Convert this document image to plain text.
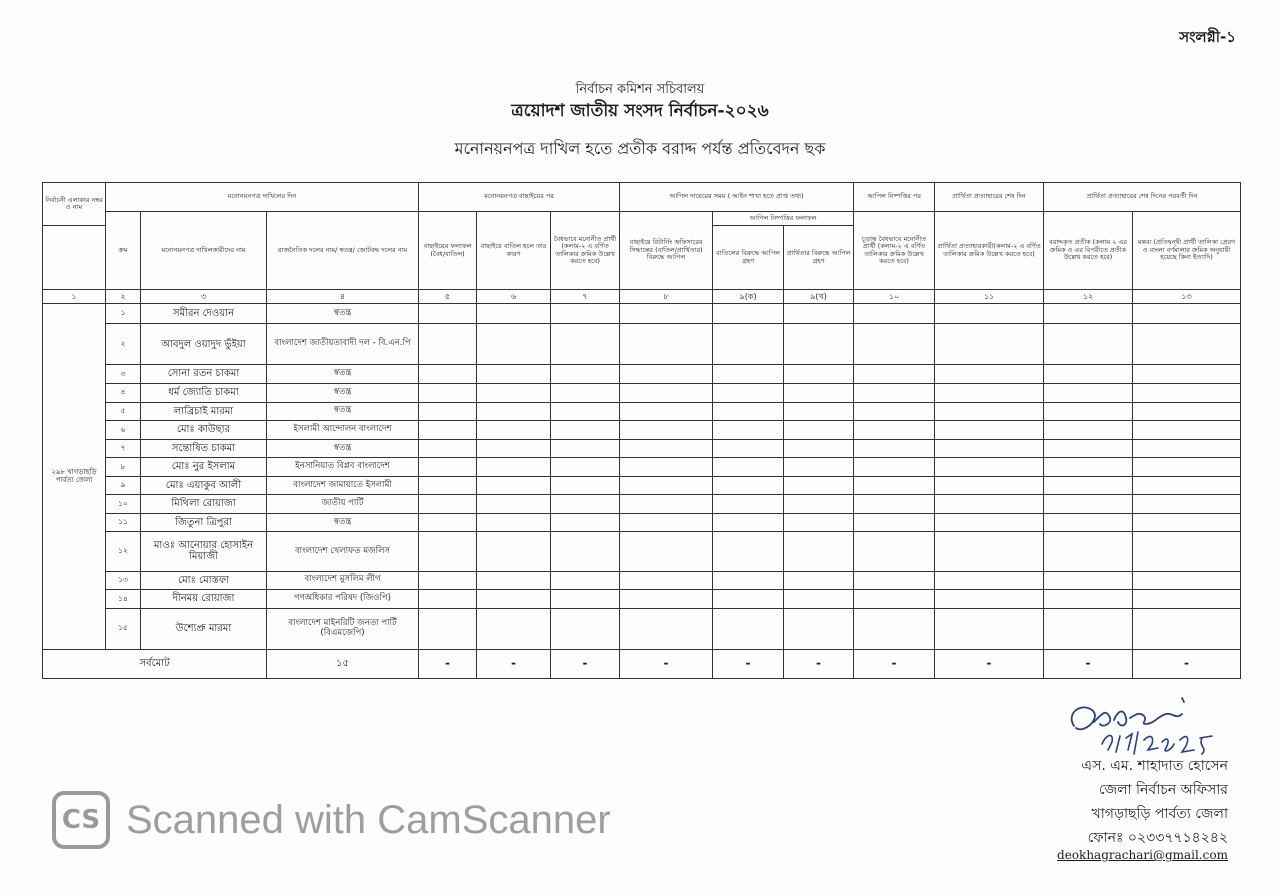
সংলগ্নী-১
নির্বাচন কমিশন সচিবালয়
ত্রয়োদশ জাতীয় সংসদ নির্বাচন-২০২৬
মনোনয়নপত্র দাখিল হতে প্রতীক বরাদ্দ পর্যন্ত প্রতিবেদন ছক
নির্বাচনী এলাকার নম্বর ও নাম	মনোনয়নপত্র দাখিলের দিন			মনোনয়নপত্র বাছাইয়ের পর			আপিল দায়েরের সময় ( আইন শাখা হতে প্রাপ্ত তথ্য)			আপিল নিষ্পত্তির পর	প্রার্থিতা প্রত্যাহারের শেষ দিন	প্রার্থিতা প্রত্যাহারের শেষ দিনের পরবর্তী দিন	
	ক্রম	মনোনয়নপত্র দাখিলকারীদের নাম	রাজনৈতিক দলের নাম/ স্বতন্ত্র/ জোটবদ্ধ দলের নাম	বাছাইয়ের ফলাফল (বৈধ/বাতিল)	বাছাইয়ে বাতিল হলে তার কারণ	বৈধভাবে মনোনীত প্রার্থী (কলাম-২ এ বর্ণিত তালিকার ক্রমিক উল্লেখ করতে হবে)	বাছাইয়ে রিটার্নিং অফিসারের সিদ্ধান্তের (বাতিল/প্রার্থিতার) বিরুদ্ধে আপিল	আপিল নিষ্পত্তির ফলাফল		চূড়ান্ত বৈধভাবে মনোনীত প্রার্থী (কলাম-২ এ বর্ণিত তালিকার ক্রমিক উল্লেখ করতে হবে)	প্রার্থিতা প্রত্যাহারকারী(কলাম-২ এ বর্ণিত তালিকার ক্রমিক উল্লেখ করতে হবে)	বরাদ্দকৃত প্রতীক (কলাম ২ এর ক্রমিক ও এর বিপরীতে প্রতীক উল্লেখ করতে হবে)	মন্তব্য (প্রতিদ্বন্দ্বী প্রার্থী তালিকা প্রেরণ ও বাংলা বর্ণমালার ক্রমিক অনুযায়ী হয়েছে কিনা ইত্যাদি)
								বাতিলের বিরুদ্ধে আপিল গ্রহণ	প্রার্থিতার বিরুদ্ধে আপিল গ্রহণ				
১	২	৩	৪	৫	৬	৭	৮	৯(ক)	৯(খ)	১০	১১	১২	১৩
২৯৮ খাগড়াছড়ি পার্বত্য জেলা	১	সমীরন দেওয়ান	স্বতন্ত্র										
	২	আবদুল ওয়াদুদ ভুঁইয়া	বাংলাদেশ জাতীয়তাবাদী দল - বি.এন.পি										
	৩	সোনা রতন চাকমা	স্বতন্ত্র										
	৪	ধর্ম জ্যোতি চাকমা	স্বতন্ত্র										
	৫	লাব্রিচাই মারমা	স্বতন্ত্র										
	৬	মোঃ কাউছার	ইসলামী আন্দোলন বাংলাদেশ										
	৭	সন্তোষিত চাকমা	স্বতন্ত্র										
	৮	মোঃ নুর ইসলাম	ইনসানিয়াত বিপ্লব বাংলাদেশ										
	৯	মোঃ এয়াকুব আলী	বাংলাদেশ জামায়াতে ইসলামী										
	১০	মিথিলা রোয়াজা	জাতীয় পার্টি										
	১১	জিতুনা ত্রিপুরা	স্বতন্ত্র										
	১২	মাওঃ আনোয়ার হোসাইন মিয়াজী	বাংলাদেশ খেলাফত মজলিস										
	১৩	মোঃ মোস্তফা	বাংলাদেশ মুসলিম লীগ										
	১৪	দীনময় রোয়াজা	গণঅধিকার পরিষদ (জিওপি)										
	১৫	উশ্যেপ্রু মারমা	বাংলাদেশ মাইনরিটি জনতা পার্টি (বিএমজেপি)										
সর্বমোট			১৫	-	-	-	-	-	-	-	-	-	-
এস. এম. শাহাদাত হোসেন
জেলা নির্বাচন অফিসার
খাগড়াছড়ি পার্বত্য জেলা
ফোনঃ ০২৩৩৭৭১৪২৪২
deokhagrachari@gmail.com
CS Scanned with CamScanner
